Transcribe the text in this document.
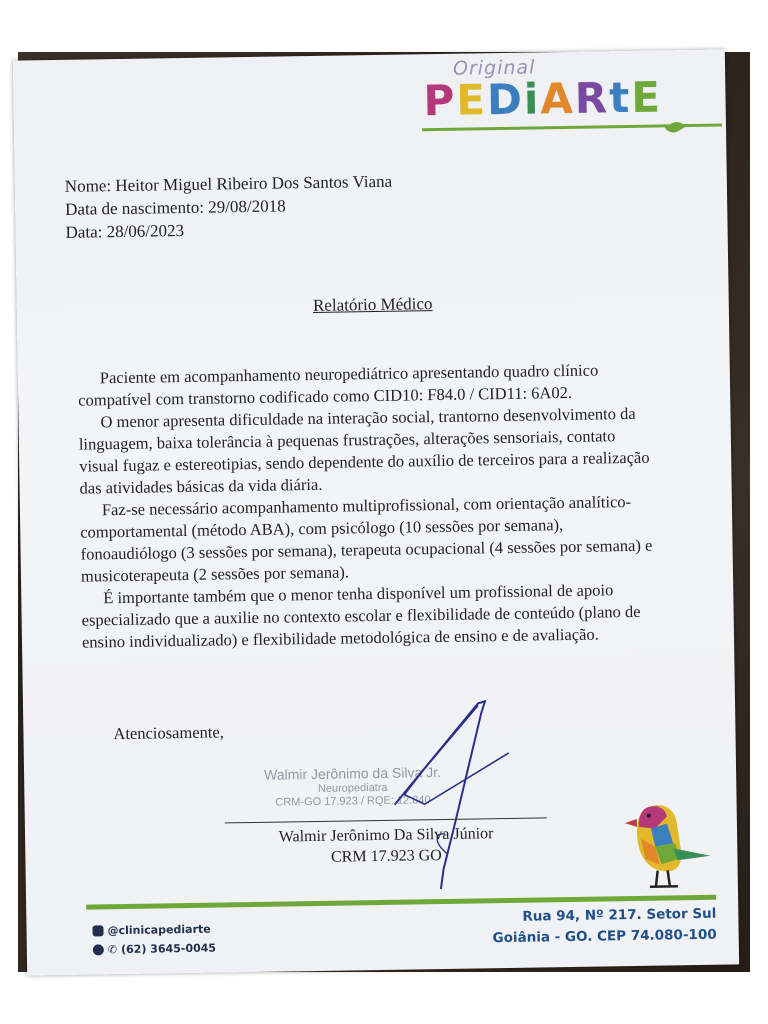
Original
P E D i A R t E
Nome: Heitor Miguel Ribeiro Dos Santos Viana
Data de nascimento: 29/08/2018
Data: 28/06/2023
Relatório Médico

Paciente em acompanhamento neuropediátrico apresentando quadro clínico compatível com transtorno codificado como CID10: F84.0 / CID11: 6A02.

O menor apresenta dificuldade na interação social, trantorno desenvolvimento da linguagem, baixa tolerância à pequenas frustrações, alterações sensoriais, contato visual fugaz e estereotipias, sendo dependente do auxílio de terceiros para a realização das atividades básicas da vida diária.

Faz-se necessário acompanhamento multiprofissional, com orientação analítico-comportamental (método ABA), com psicólogo (10 sessões por semana), fonoaudiólogo (3 sessões por semana), terapeuta ocupacional (4 sessões por semana) e musicoterapeuta (2 sessões por semana).

É importante também que o menor tenha disponível um profissional de apoio especializado que a auxilie no contexto escolar e flexibilidade de conteúdo (plano de ensino individualizado) e flexibilidade metodológica de ensino e de avaliação.

Atenciosamente,
Walmir Jerônimo da Silva Jr.
Neuropediatra
CRM-GO 17.923 / RQE: 12.840
Walmir Jerônimo Da Silva Júnior
CRM 17.923 GO
@clinicapediarte
✆ (62) 3645-0045
Rua 94, Nº 217. Setor Sul
Goiânia - GO. CEP 74.080-100
